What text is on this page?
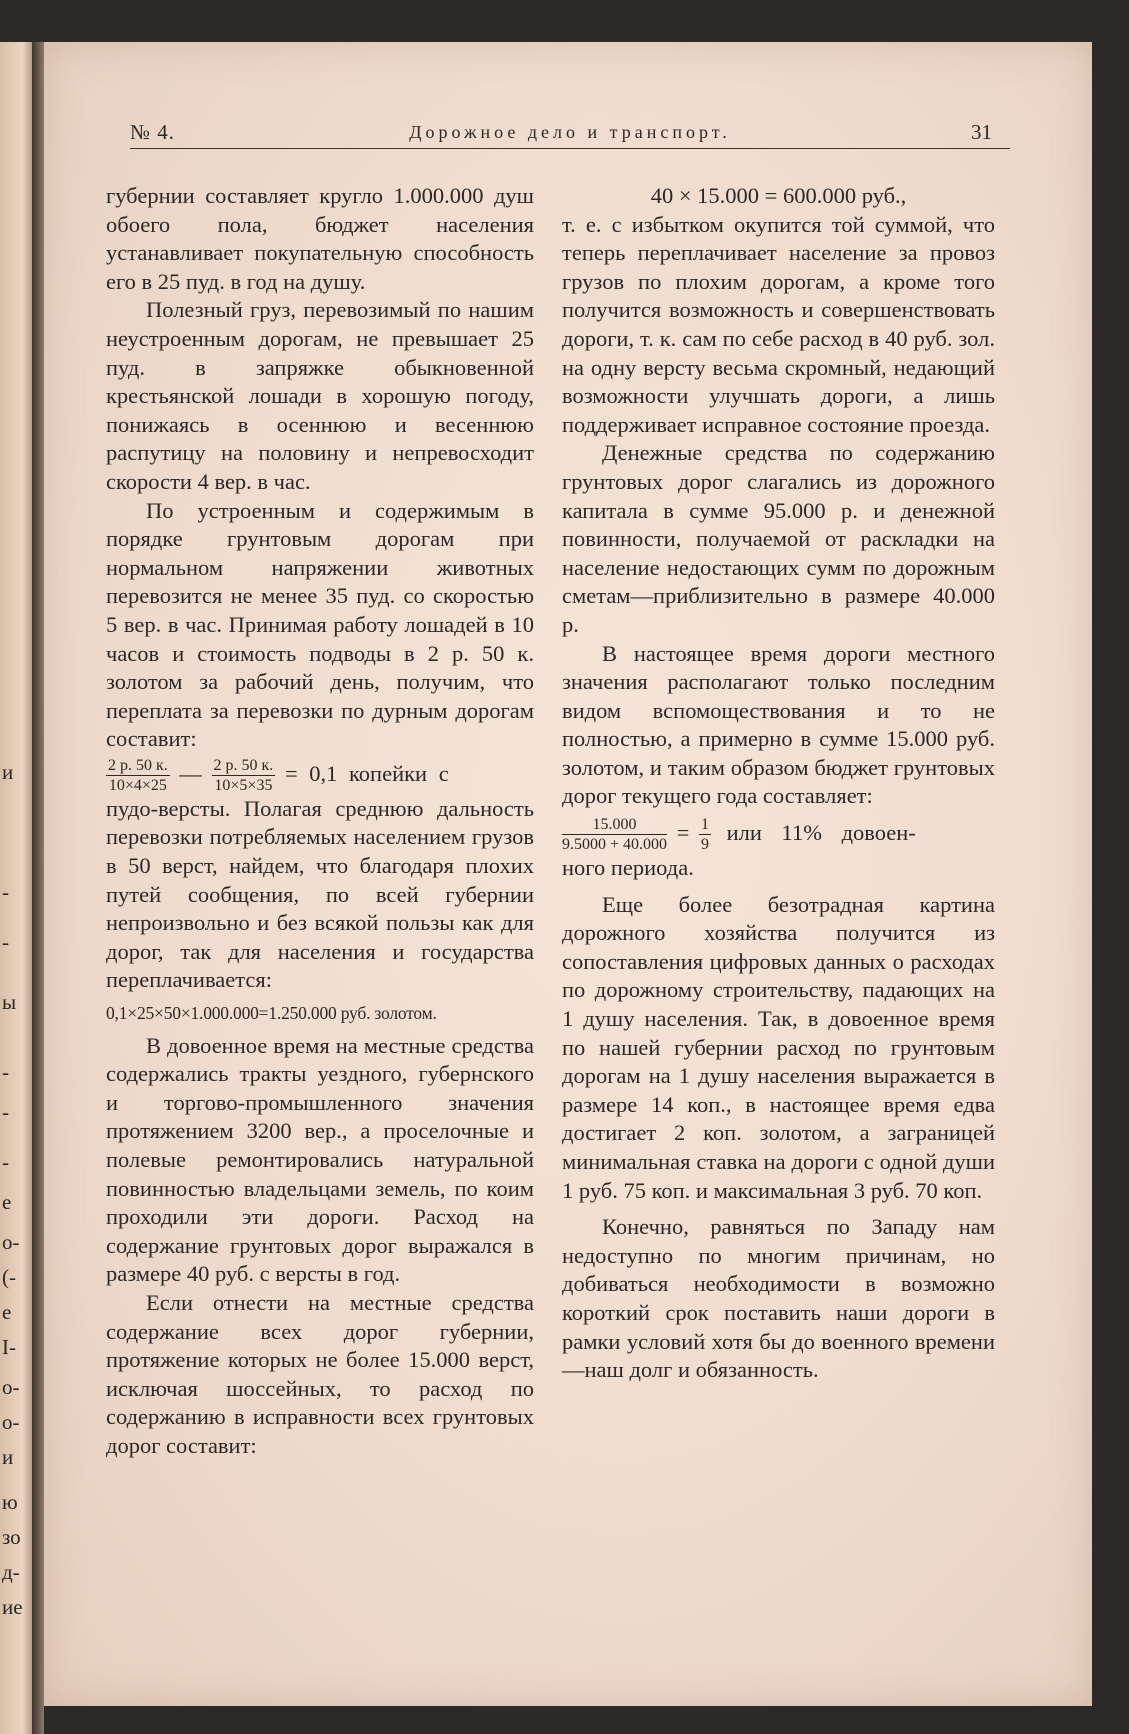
и
-
-
ы
-
-
-
е
о-
(-
е
I-
о-
о-
и
ю
зо
д-
ие
№ 4.	Дорожное дело и транспорт.	31

губернии составляет кругло 1.000.000 душ обоего пола, бюджет населения устанавливает покупательную способность его в 25 пуд. в год на душу.

Полезный груз, перевозимый по нашим неустроенным дорогам, не превышает 25 пуд. в запряжке обыкновенной крестьянской лошади в хорошую погоду, понижаясь в осеннюю и весеннюю распутицу на половину и непревосходит скорости 4 вер. в час.

По устроенным и содержимым в порядке грунтовым дорогам при нормальном напряжении животных перевозится не менее 35 пуд. со скоростью 5 вер. в час. Принимая работу лошадей в 10 часов и стоимость подводы в 2 р. 50 к. золотом за рабочий день, получим, что переплата за перевозки по дурным дорогам составит:

$\frac{2 р. 50 к.}{10\times 4\times 25}$ — $\frac{2 р. 50 к.}{10\times 5\times 35} = 0,1$ копейки с

пудо-версты. Полагая среднюю дальность перевозки потребляемых населением грузов в 50 верст, найдем, что благодаря плохих путей сообщения, по всей губернии непроизвольно и без всякой пользы как для дорог, так для населения и государства переплачивается:

0,1×25×50×1.000.000=1.250.000 руб. золотом.

В довоенное время на местные средства содержались тракты уездного, губернского и торгово-промышленного значения протяжением 3200 вер., а проселочные и полевые ремонтировались натуральной повинностью владельцами земель, по коим проходили эти дороги. Расход на содержание грунтовых дорог выражался в размере 40 руб. с версты в год.

Если отнести на местные средства содержание всех дорог губернии, протяжение которых не более 15.000 верст, исключая шоссейных, то расход по содержанию в исправности всех грунтовых дорог составит:

40 × 15.000 = 600.000 руб.,

т. е. с избытком окупится той суммой, что теперь переплачивает население за провоз грузов по плохим дорогам, а кроме того получится возможность и совершенствовать дороги, т. к. сам по себе расход в 40 руб. зол. на одну версту весьма скромный, недающий возможности улучшать дороги, а лишь поддерживает исправное состояние проезда.

Денежные средства по содержанию грунтовых дорог слагались из дорожного капитала в сумме 95.000 р. и денежной повинности, получаемой от раскладки на население недостающих сумм по дорожным сметам—приблизительно в размере 40.000 р.

В настоящее время дороги местного значения располагают только последним видом вспомоществования и то не полностью, а примерно в сумме 15.000 руб. золотом, и таким образом бюджет грунтовых дорог текущего года составляет:

$\frac{15.000}{9.5000 + 40.000} = \frac{1}{9}$ или 11% довоен-

ного периода.

Еще более безотрадная картина дорожного хозяйства получится из сопоставления цифровых данных о расходах по дорожному строительству, падающих на 1 душу населения. Так, в довоенное время по нашей губернии расход по грунтовым дорогам на 1 душу населения выражается в размере 14 коп., в настоящее время едва достигает 2 коп. золотом, а заграницей минимальная ставка на дороги с одной души 1 руб. 75 коп. и максимальная 3 руб. 70 коп.

Конечно, равняться по Западу нам недоступно по многим причинам, но добиваться необходимости в возможно короткий срок поставить наши дороги в рамки условий хотя бы до военного времени—наш долг и обязанность.
